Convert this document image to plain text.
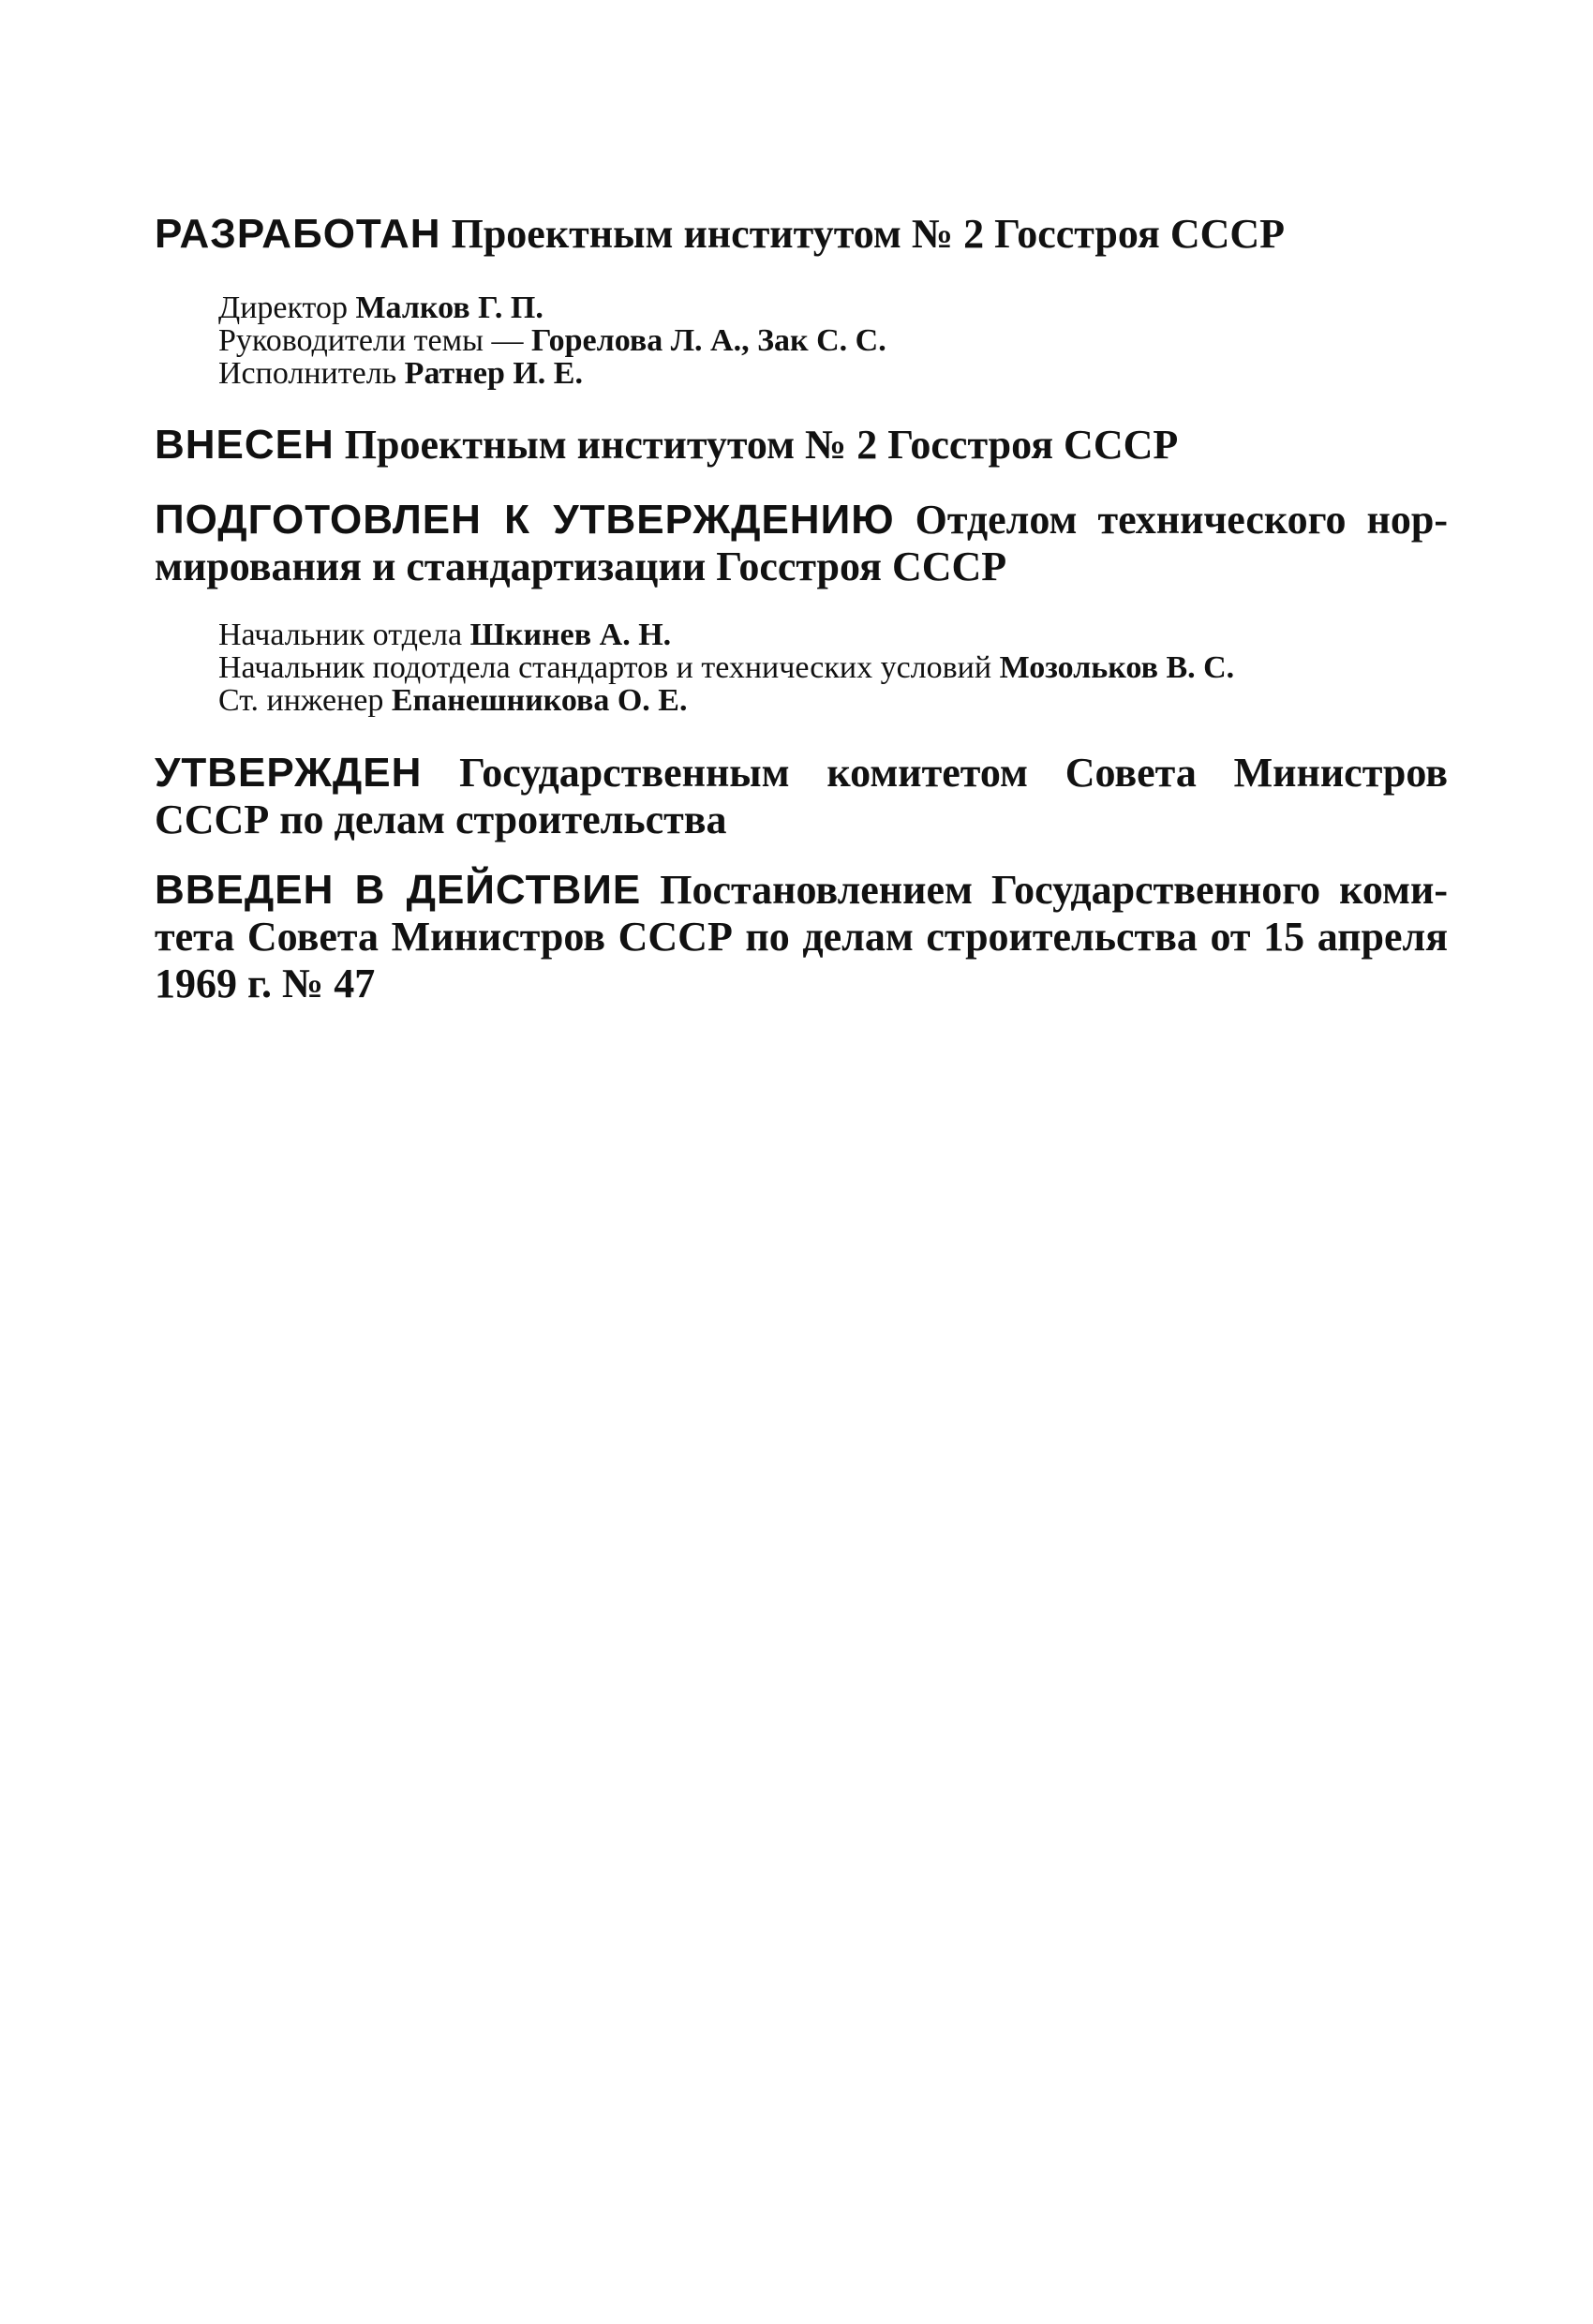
РАЗРАБОТАН Проектным институтом № 2 Госстроя СССР
Директор Малков Г. П.
Руководители темы — Горелова Л. А., Зак С. С.
Исполнитель Ратнер И. Е.
ВНЕСЕН Проектным институтом № 2 Госстроя СССР
ПОДГОТОВЛЕН К УТВЕРЖДЕНИЮ Отделом технического нор-
мирования и стандартизации Госстроя СССР
Начальник отдела Шкинев А. Н.
Начальник подотдела стандартов и технических условий Мозольков В. С.
Ст. инженер Епанешникова О. Е.
УТВЕРЖДЕН Государственным комитетом Совета Министров
СССР по делам строительства
ВВЕДЕН В ДЕЙСТВИЕ Постановлением Государственного коми-
тета Совета Министров СССР по делам строительства от 15 апреля
1969 г. № 47
